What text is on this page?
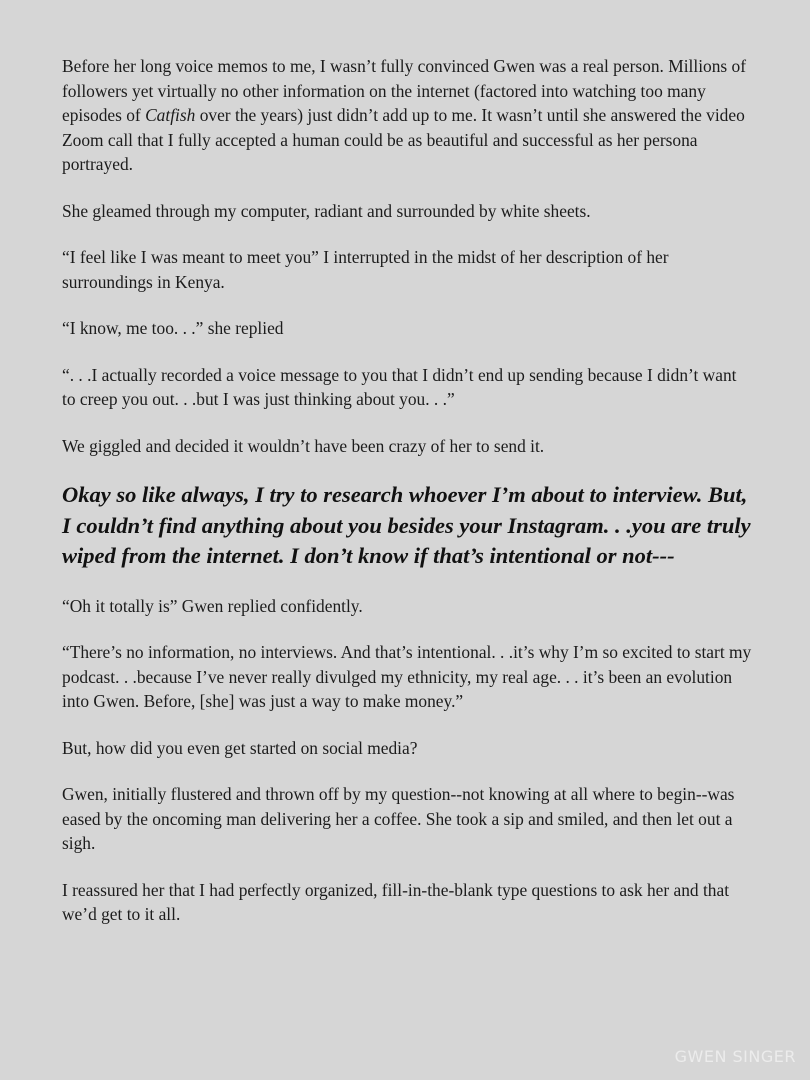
Before her long voice memos to me, I wasn’t fully convinced Gwen was a real person. Millions of followers yet virtually no other information on the internet (factored into watching too many episodes of Catfish over the years) just didn’t add up to me. It wasn’t until she answered the video Zoom call that I fully accepted a human could be as beautiful and successful as her persona portrayed.

She gleamed through my computer, radiant and surrounded by white sheets.

“I feel like I was meant to meet you” I interrupted in the midst of her description of her surroundings in Kenya.

“I know, me too. . .” she replied

“. . .I actually recorded a voice message to you that I didn’t end up sending because I didn’t want to creep you out. . .but I was just thinking about you. . .”

We giggled and decided it wouldn’t have been crazy of her to send it.

Okay so like always, I try to research whoever I’m about to interview. But, I couldn’t find anything about you besides your Instagram. . .you are truly wiped from the internet. I don’t know if that’s intentional or not---

“Oh it totally is” Gwen replied confidently.

“There’s no information, no interviews. And that’s intentional. . .it’s why I’m so excited to start my podcast. . .because I’ve never really divulged my ethnicity, my real age. . . it’s been an evolution into Gwen. Before, [she] was just a way to make money.”

But, how did you even get started on social media?

Gwen, initially flustered and thrown off by my question--not knowing at all where to begin--was eased by the oncoming man delivering her a coffee. She took a sip and smiled, and then let out a sigh.

I reassured her that I had perfectly organized, fill-in-the-blank type questions to ask her and that we’d get to it all.

GWEN SINGER
